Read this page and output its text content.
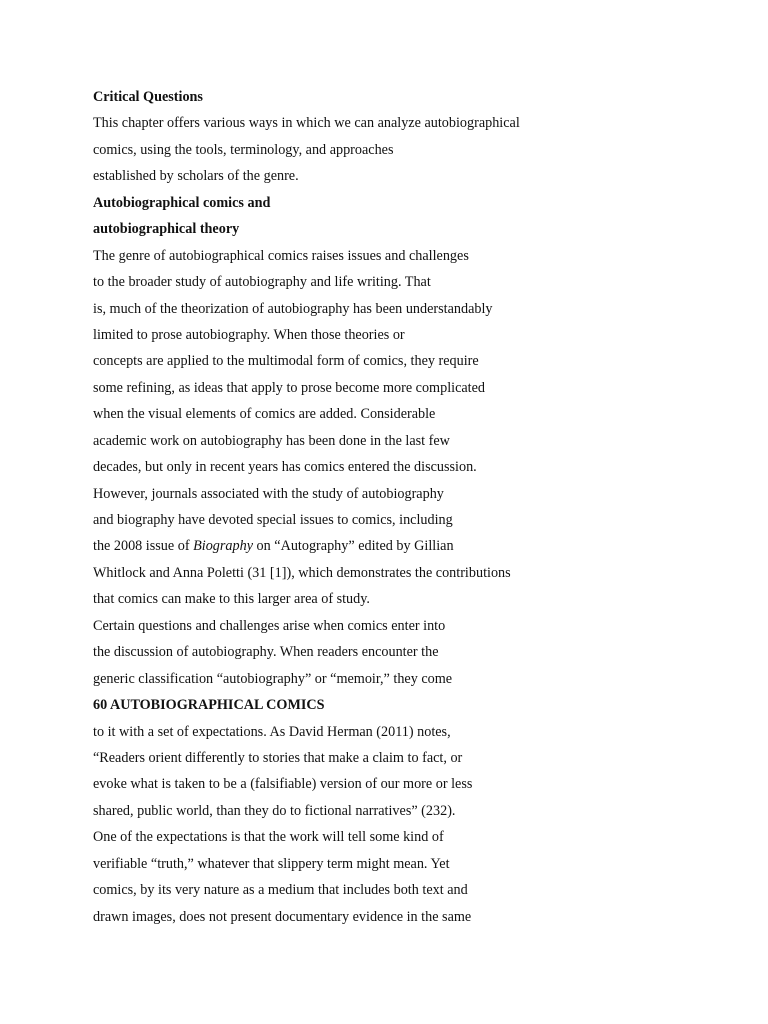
Critical Questions
This chapter offers various ways in which we can analyze autobiographical
comics, using the tools, terminology, and approaches
established by scholars of the genre.
Autobiographical comics and
autobiographical theory
The genre of autobiographical comics raises issues and challenges
to the broader study of autobiography and life writing. That
is, much of the theorization of autobiography has been understandably
limited to prose autobiography. When those theories or
concepts are applied to the multimodal form of comics, they require
some refining, as ideas that apply to prose become more complicated
when the visual elements of comics are added. Considerable
academic work on autobiography has been done in the last few
decades, but only in recent years has comics entered the discussion.
However, journals associated with the study of autobiography
and biography have devoted special issues to comics, including
the 2008 issue of Biography on “Autography” edited by Gillian
Whitlock and Anna Poletti (31 [1]), which demonstrates the contributions
that comics can make to this larger area of study.
Certain questions and challenges arise when comics enter into
the discussion of autobiography. When readers encounter the
generic classification “autobiography” or “memoir,” they come
60 AUTOBIOGRAPHICAL COMICS
to it with a set of expectations. As David Herman (2011) notes,
“Readers orient differently to stories that make a claim to fact, or
evoke what is taken to be a (falsifiable) version of our more or less
shared, public world, than they do to fictional narratives” (232).
One of the expectations is that the work will tell some kind of
verifiable “truth,” whatever that slippery term might mean. Yet
comics, by its very nature as a medium that includes both text and
drawn images, does not present documentary evidence in the same
